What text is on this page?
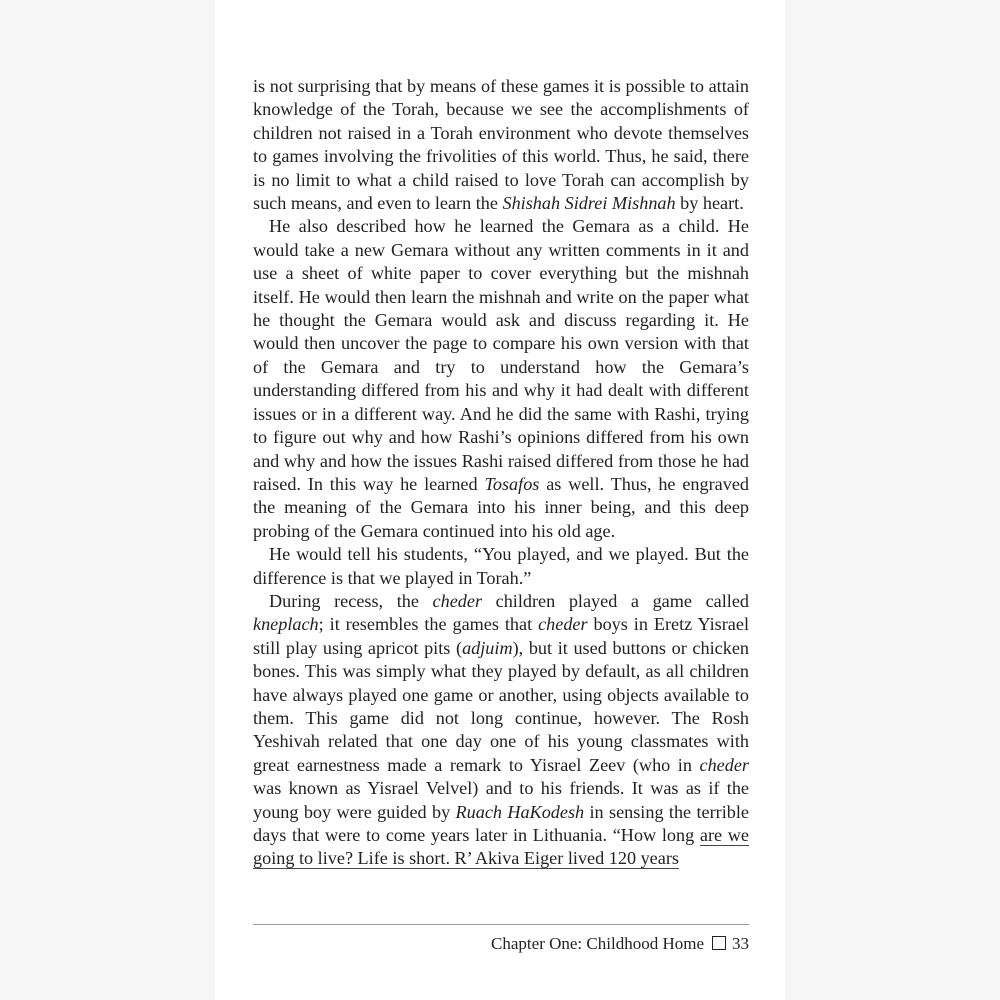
is not surprising that by means of these games it is possible to attain knowledge of the Torah, because we see the accomplishments of children not raised in a Torah environment who devote themselves to games involving the frivolities of this world. Thus, he said, there is no limit to what a child raised to love Torah can accomplish by such means, and even to learn the Shishah Sidrei Mishnah by heart.

He also described how he learned the Gemara as a child. He would take a new Gemara without any written comments in it and use a sheet of white paper to cover everything but the mishnah itself. He would then learn the mishnah and write on the paper what he thought the Gemara would ask and discuss regarding it. He would then uncover the page to compare his own version with that of the Gemara and try to understand how the Gemara’s understanding differed from his and why it had dealt with different issues or in a different way. And he did the same with Rashi, trying to figure out why and how Rashi’s opinions differed from his own and why and how the issues Rashi raised differed from those he had raised. In this way he learned Tosafos as well. Thus, he engraved the meaning of the Gemara into his inner being, and this deep probing of the Gemara continued into his old age.

He would tell his students, “You played, and we played. But the difference is that we played in Torah.”

During recess, the cheder children played a game called kneplach; it resembles the games that cheder boys in Eretz Yisrael still play using apricot pits (adjuim), but it used buttons or chicken bones. This was simply what they played by default, as all children have always played one game or another, using objects available to them. This game did not long continue, however. The Rosh Yeshivah related that one day one of his young classmates with great earnestness made a remark to Yisrael Zeev (who in cheder was known as Yisrael Velvel) and to his friends. It was as if the young boy were guided by Ruach HaKodesh in sensing the terrible days that were to come years later in Lithuania. “How long are we going to live? Life is short. R’ Akiva Eiger lived 120 years

Chapter One: Childhood Home 33
